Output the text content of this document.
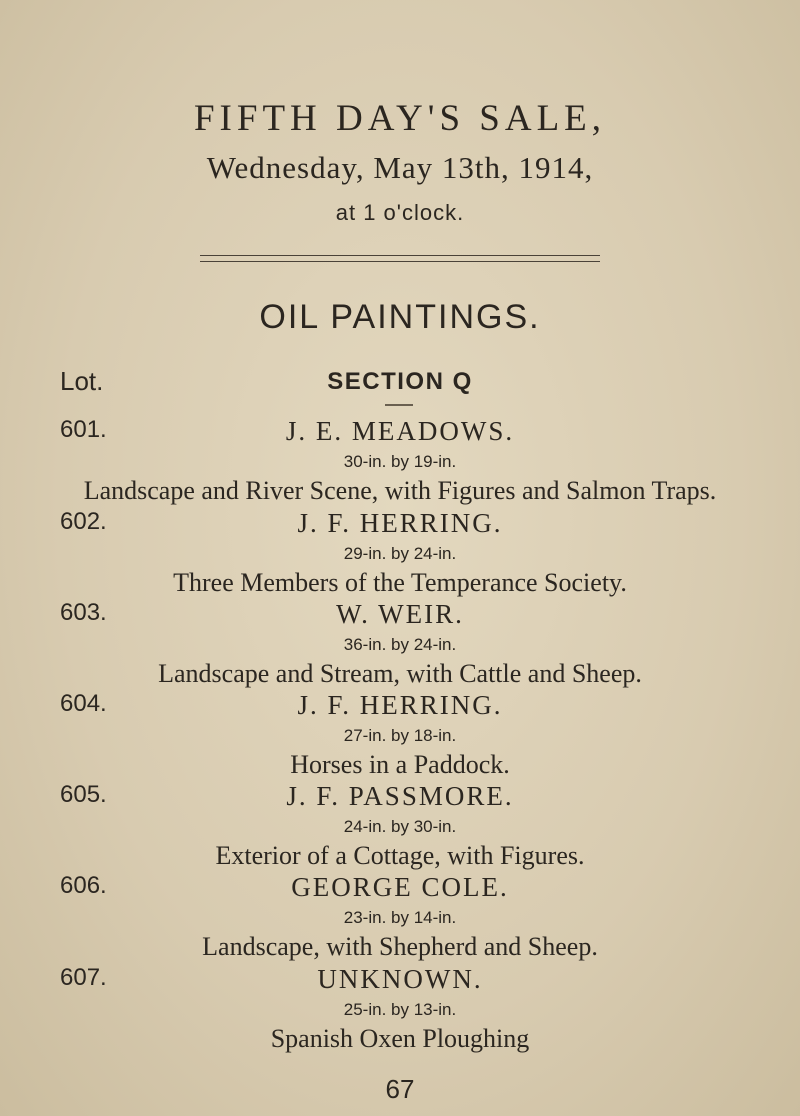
FIFTH DAY'S SALE,
Wednesday, May 13th, 1914,
at 1 o'clock.
OIL PAINTINGS.
Lot.	SECTION Q
601.	J. E. MEADOWS.
30-in. by 19-in.
Landscape and River Scene, with Figures and Salmon Traps.
602.	J. F. HERRING.
29-in. by 24-in.
Three Members of the Temperance Society.
603.	W. WEIR.
36-in. by 24-in.
Landscape and Stream, with Cattle and Sheep.
604.	J. F. HERRING.
27-in. by 18-in.
Horses in a Paddock.
605.	J. F. PASSMORE.
24-in. by 30-in.
Exterior of a Cottage, with Figures.
606.	GEORGE COLE.
23-in. by 14-in.
Landscape, with Shepherd and Sheep.
607.	UNKNOWN.
25-in. by 13-in.
Spanish Oxen Ploughing
67
